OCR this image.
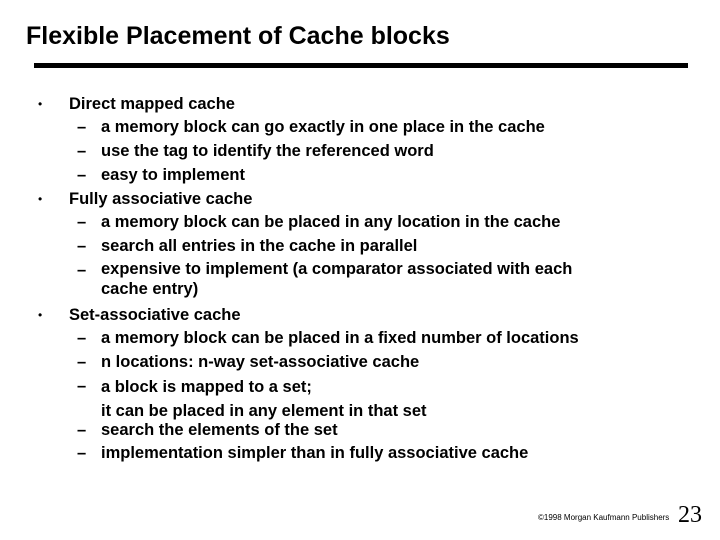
Flexible Placement of Cache blocks
• Direct mapped cache
– a memory block can go exactly in one place in the cache
– use the tag to identify the referenced word
– easy to implement
• Fully associative cache
– a memory block can be placed in any location in the cache
– search all entries in the cache in parallel
– expensive to implement (a comparator associated with each
cache entry)
• Set-associative cache
– a memory block can be placed in a fixed number of locations
– n locations: n-way set-associative cache
– a block is mapped to a set;
it can be placed in any element in that set
– search the elements of the set
– implementation simpler than in fully associative cache
©1998 Morgan Kaufmann Publishers 23
